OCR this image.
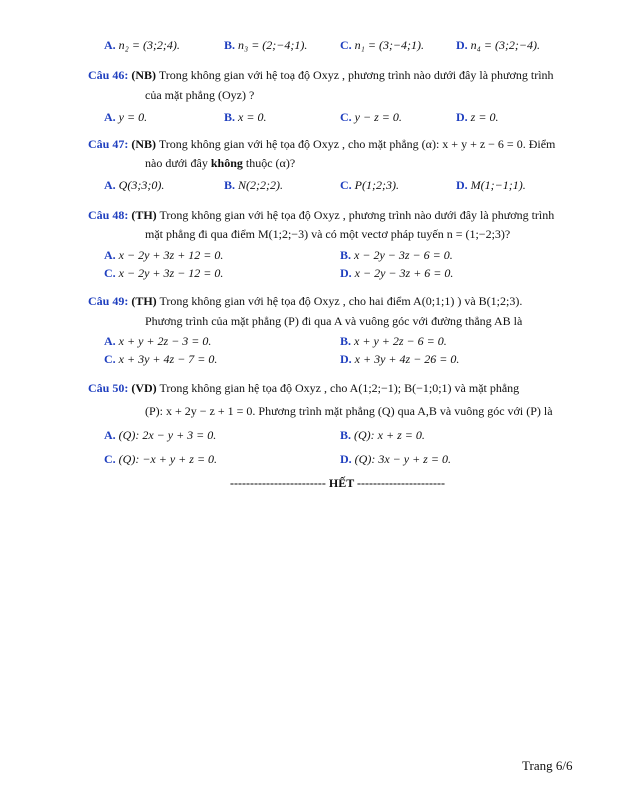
A. n₂ = (3;2;4).	B. n₃ = (2;−4;1).	C. n₁ = (3;−4;1).	D. n₄ = (3;2;−4).
Câu 46: (NB) Trong không gian với hệ toạ độ Oxyz , phương trình nào dưới đây là phương trình
của mặt phẳng (Oyz) ?
A. y = 0.	B. x = 0.	C. y − z = 0.	D. z = 0.
Câu 47: (NB) Trong không gian với hệ tọa độ Oxyz , cho mặt phẳng (α): x + y + z − 6 = 0. Điểm
nào dưới đây không thuộc (α)?
A. Q(3;3;0).	B. N(2;2;2).	C. P(1;2;3).	D. M(1;−1;1).
Câu 48: (TH) Trong không gian với hệ tọa độ Oxyz , phương trình nào dưới đây là phương trình
mặt phẳng đi qua điểm M(1;2;−3) và có một vectơ pháp tuyến n = (1;−2;3)?
A. x − 2y + 3z + 12 = 0.	B. x − 2y − 3z − 6 = 0.
C. x − 2y + 3z − 12 = 0.	D. x − 2y − 3z + 6 = 0.
Câu 49: (TH) Trong không gian với hệ tọa độ Oxyz , cho hai điểm A(0;1;1) ) và B(1;2;3).
Phương trình của mặt phẳng (P) đi qua A và vuông góc với đường thẳng AB là
A. x + y + 2z − 3 = 0.	B. x + y + 2z − 6 = 0.
C. x + 3y + 4z − 7 = 0.	D. x + 3y + 4z − 26 = 0.
Câu 50: (VD) Trong không gian hệ tọa độ Oxyz , cho A(1;2;−1); B(−1;0;1) và mặt phẳng
(P): x + 2y − z + 1 = 0. Phương trình mặt phẳng (Q) qua A,B và vuông góc với (P) là
A. (Q): 2x − y + 3 = 0.	B. (Q): x + z = 0.
C. (Q): −x + y + z = 0.	D. (Q): 3x − y + z = 0.
------------------------ HẾT ----------------------
Trang 6/6
